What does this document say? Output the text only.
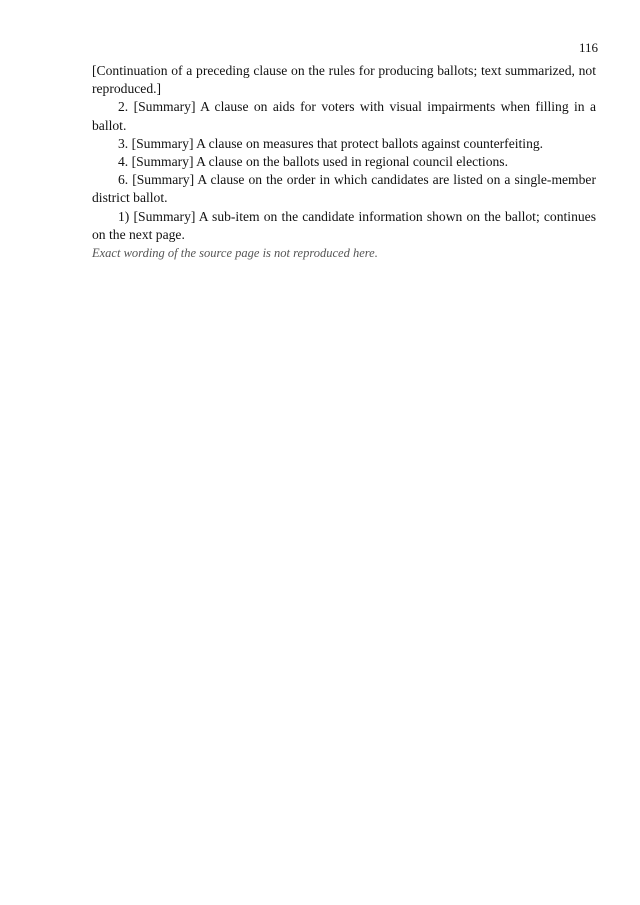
116

[Continuation of a preceding clause on the rules for producing ballots; text summarized, not reproduced.]

2. [Summary] A clause on aids for voters with visual impairments when filling in a ballot.

3. [Summary] A clause on measures that protect ballots against counterfeiting.

4. [Summary] A clause on the ballots used in regional council elections.

6. [Summary] A clause on the order in which candidates are listed on a single-member district ballot.

1) [Summary] A sub-item on the candidate information shown on the ballot; continues on the next page.

Exact wording of the source page is not reproduced here.
